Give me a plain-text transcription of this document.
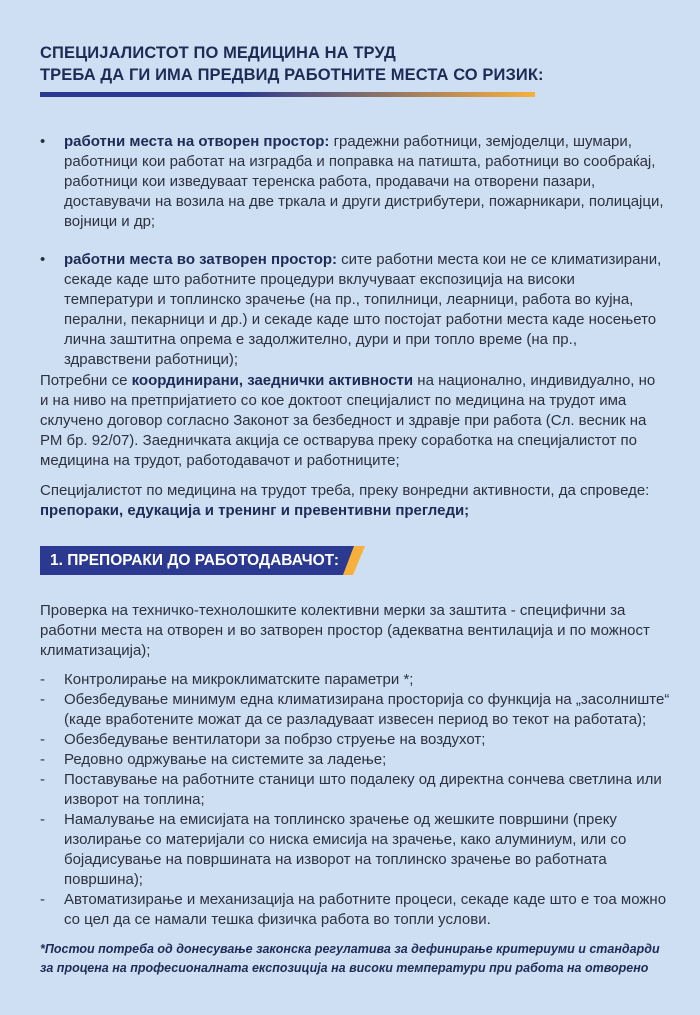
СПЕЦИЈАЛИСТОТ ПО МЕДИЦИНА НА ТРУД
ТРЕБА ДА ГИ ИМА ПРЕДВИД РАБОТНИТЕ МЕСТА СО РИЗИК:
• работни места на отворен простор: градежни работници, земјоделци, шумари, работници кои работат на изградба и поправка на патишта, работници во сообраќај, работници кои изведуваат теренска работа, продавачи на отворени пазари, доставувачи на возила на две тркала и други дистрибутери, пожарникари, полицајци, војници и др;
• работни места во затворен простор: сите работни места кои не се климатизирани, секаде каде што работните процедури вклучуваат експозиција на високи температури и топлинско зрачење (на пр., топилници, леарници, работа во кујна, перални, пекарници и др.) и секаде каде што постојат работни места каде носењето лична заштитна опрема е задолжително, дури и при топло време (на пр., здравствени работници);
Потребни се координирани, заеднички активности на национално, индивидуално, но и на ниво на претпријатието со кое доктоот специјалист по медицина на трудот има склучено договор согласно Законот за безбедност и здравје при работа (Сл. весник на РМ бр. 92/07). Заедничката акција се остварува преку соработка на специјалистот по медицина на трудот, работодавачот и работниците;
Специјалистот по медицина на трудот треба, преку вонредни активности, да спроведе: препораки, едукација и тренинг и превентивни прегледи;
1. ПРЕПОРАКИ ДО РАБОТОДАВАЧОТ:
Проверка на техничко-технолошките колективни мерки за заштита - специфични за работни места на отворен и во затворен простор (адекватна вентилација и по можност климатизација);
- Контролирање на микроклиматските параметри *;
- Обезбедување минимум една климатизирана просторија со функција на „засолниште“ (каде вработените можат да се разладуваат извесен период во текот на работата);
- Обезбедување вентилатори за побрзо струење на воздухот;
- Редовно одржување на системите за ладење;
- Поставување на работните станици што подалеку од директна сончева светлина или изворот на топлина;
- Намалување на емисијата на топлинско зрачење од жешките површини (преку изолирање со материјали со ниска емисија на зрачење, како алуминиум, или со бојадисување на површината на изворот на топлинско зрачење во работната површина);
- Автоматизирање и механизација на работните процеси, секаде каде што е тоа можно со цел да се намали тешка физичка работа во топли услови.
*Постои потреба од донесување законска регулатива за дефинирање критериуми и стандарди за процена на професионалната експозиција на високи температури при работа на отворено
